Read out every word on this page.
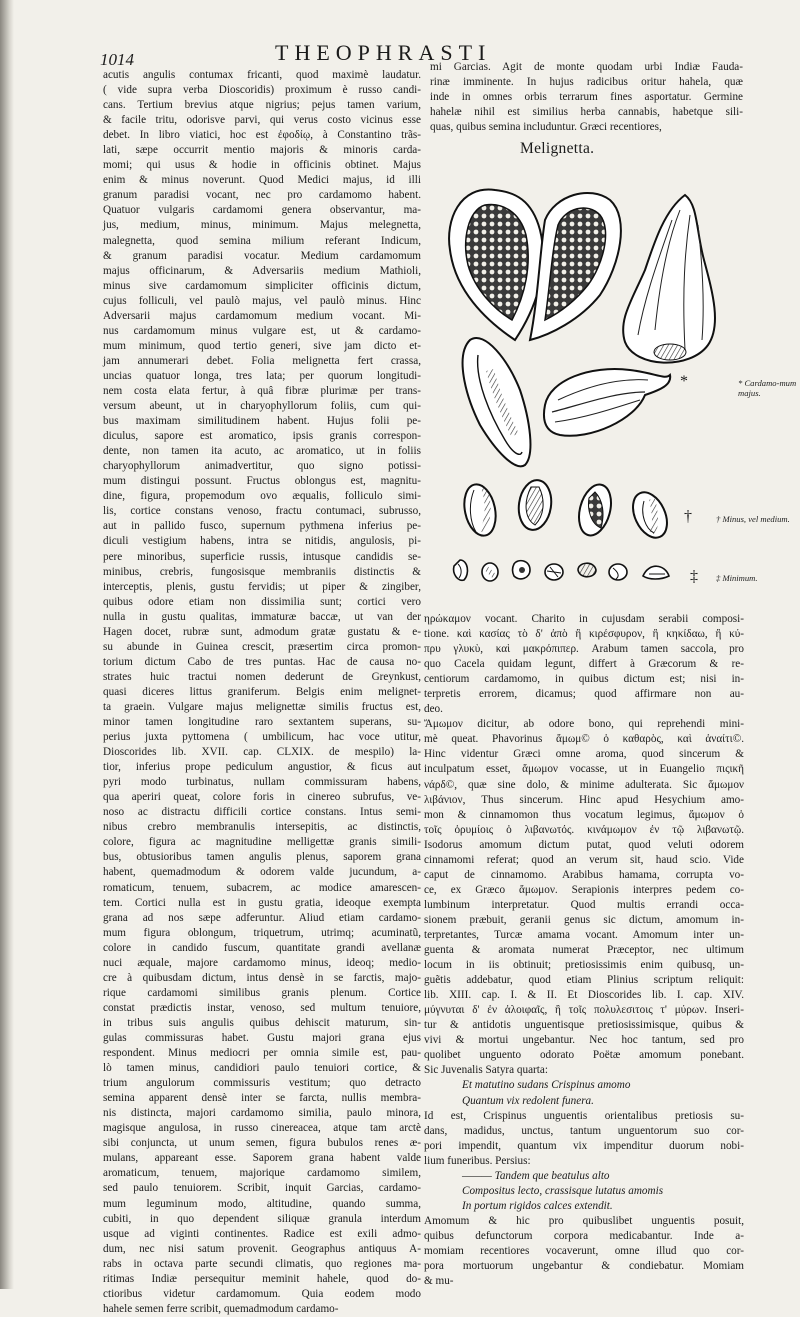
1014	THEOPHRASTI
acutis angulis contumax fricanti, quod maximè laudatur.
( vide supra verba Dioscoridis) proximum è russo candi-
cans. Tertium brevius atque nigrius; pejus tamen varium,
& facile tritu, odorisve parvi, qui verus costo vicinus esse
debet. In libro viatici, hoc est ἐφοδίῳ, à Constantino trãs-
lati, sæpe occurrit mentio majoris & minoris carda-
momi; qui usus & hodie in officinis obtinet. Majus
enim & minus noverunt. Quod Medici majus, id illi
granum paradisi vocant, nec pro cardamomo habent.
Quatuor vulgaris cardamomi genera observantur, ma-
jus, medium, minus, minimum. Majus melegnetta,
malegnetta, quod semina milium referant Indicum,
& granum paradisi vocatur. Medium cardamomum
majus officinarum, & Adversariis medium Mathioli,
minus sive cardamomum simpliciter officinis dictum,
cujus folliculi, vel paulò majus, vel paulò minus. Hinc
Adversarii majus cardamomum medium vocant. Mi-
nus cardamomum minus vulgare est, ut & cardamo-
mum minimum, quod tertio generi, sive jam dicto et-
jam annumerari debet. Folia melignetta fert crassa,
uncias quatuor longa, tres lata; per quorum longitudi-
nem costa elata fertur, à quâ fibræ plurimæ per trans-
versum abeunt, ut in charyophyllorum foliis, cum qui-
bus maximam similitudinem habent. Hujus folii pe-
diculus, sapore est aromatico, ipsis granis correspon-
dente, non tamen ita acuto, ac aromatico, ut in foliis
charyophyllorum animadvertitur, quo signo potissi-
mum distingui possunt. Fructus oblongus est, magnitu-
dine, figura, propemodum ovo æqualis, folliculo simi-
lis, cortice constans venoso, fractu contumaci, subrusso,
aut in pallido fusco, supernum pythmena inferius pe-
diculi vestigium habens, intra se nitidis, angulosis, pi-
pere minoribus, superficie russis, intusque candidis se-
minibus, crebris, fungosisque membraniis distinctis &
interceptis, plenis, gustu fervidis; ut piper & zingiber,
quibus odore etiam non dissimilia sunt; cortici vero
nulla in gustu qualitas, immaturæ baccæ, ut van der
Hagen docet, rubræ sunt, admodum gratæ gustatu & e-
su abunde in Guinea crescit, præsertim circa promon-
torium dictum Cabo de tres puntas. Hac de causa no-
strates huic tractui nomen dederunt de Greynkust,
quasi diceres littus graniferum. Belgis enim melignet-
ta graein. Vulgare majus melignettæ similis fructus est,
minor tamen longitudine raro sextantem superans, su-
perius juxta pyttomena ( umbilicum, hac voce utitur,
Dioscorides lib. XVII. cap. CLXIX. de mespilo) la-
tior, inferius prope pediculum angustior, & ficus aut
pyri modo turbinatus, nullam commissuram habens,
qua aperiri queat, colore foris in cinereo subrufus, ve-
noso ac distractu difficili cortice constans. Intus semi-
nibus crebro membranulis intersepitis, ac distinctis,
colore, figura ac magnitudine melligettæ granis simili-
bus, obtusioribus tamen angulis plenus, saporem grana
habent, quemadmodum & odorem valde jucundum, a-
romaticum, tenuem, subacrem, ac modice amarescen-
tem. Cortici nulla est in gustu gratia, ideoque exempta
grana ad nos sæpe adferuntur. Aliud etiam cardamo-
mum figura oblongum, triquetrum, utrimq; acuminatũ,
colore in candido fuscum, quantitate grandi avellanæ
nuci æquale, majore cardamomo minus, ideoq; medio-
cre à quibusdam dictum, intus densè in se farctis, majo-
rique cardamomi similibus granis plenum. Cortice
constat prædictis instar, venoso, sed multum tenuiore,
in tribus suis angulis quibus dehiscit maturum, sin-
gulas commissuras habet. Gustu majori grana ejus
respondent. Minus mediocri per omnia simile est, pau-
lò tamen minus, candidiori paulo tenuiori cortice, &
trium angulorum commissuris vestitum; quo detracto
semina apparent densè inter se farcta, nullis membra-
nis distincta, majori cardamomo similia, paulo minora,
magisque angulosa, in russo cinereacea, atque tam arctè
sibi conjuncta, ut unum semen, figura bubulos renes æ-
mulans, appareant esse. Saporem grana habent valde
aromaticum, tenuem, majorique cardamomo similem,
sed paulo tenuiorem. Scribit, inquit Garcias, cardamo-
mum leguminum modo, altitudine, quando summa,
cubiti, in quo dependent siliquæ granula interdum
usque ad viginti continentes. Radice est exili admo-
dum, nec nisi satum provenit. Geographus antiquus A-
rabs in octava parte secundi climatis, quo regiones ma-
ritimas Indiæ persequitur meminit hahele, quod do-
ctioribus videtur cardamomum. Quia eodem modo
hahele semen ferre scribit, quemadmodum cardamo-
mi Garcias. Agit de monte quodam urbi Indiæ Fauda-
rinæ imminente. In hujus radicibus oritur hahela, quæ
inde in omnes orbis terrarum fines asportatur. Germine
hahelæ nihil est similius herba cannabis, habetque sili-
quas, quibus semina includuntur. Græci recentiores,
Melignetta.
*
†
‡
* Cardamo-mum majus.
† Minus, vel medium.
‡ Minimum.
ηρώκαμον vocant. Charito in cujusdam serabii composi-
tione. καὶ κασίας τὸ δ' ἀπὸ ἢ κιρέσφυρον, ἢ κηκίδαω, ἢ κύ-
πρυ γλυκὺ, καὶ μακρόπιπερ. Arabum tamen saccola, pro
quo Cacela quidam legunt, differt à Græcorum & re-
centiorum cardamomo, in quibus dictum est; nisi in-
terpretis errorem, dicamus; quod affirmare non au-
deo.
Ἄμωμον dicitur, ab odore bono, qui reprehendi mini-
mè queat. Phavorinus ἄμωμ© ὁ καθαρὸς, καὶ ἀναίτι©.
Hinc videntur Græci omne aroma, quod sincerum &
inculpatum esset, ἄμωμον vocasse, ut in Euangelio πιςικῆ
νάρδ©, quæ sine dolo, & minime adulterata. Sic ἄμωμον
λιβάνιον, Thus sincerum. Hinc apud Hesychium amo-
mon & cinnamomon thus vocatum legimus, ἄμωμον ὁ
τοῖς ὀρυμίοις ὁ λιβανωτός. κινάμωμον ἐν τῷ λιβανωτῷ.
Isodorus amomum dictum putat, quod veluti odorem
cinnamomi referat; quod an verum sit, haud scio. Vide
caput de cinnamomo. Arabibus hamama, corrupta vo-
ce, ex Græco ἄμωμον. Serapionis interpres pedem co-
lumbinum interpretatur. Quod multis errandi occa-
sionem præbuit, geranii genus sic dictum, amomum in-
terpretantes, Turcæ amama vocant. Amomum inter un-
guenta & aromata numerat Præceptor, nec ultimum
locum in iis obtinuit; pretiosissimis enim quibusq, un-
guẽtis addebatur, quod etiam Plinius scriptum reliquit:
lib. XIII. cap. I. & II. Et Dioscorides lib. I. cap. XIV.
μύγνυται δ' ἐν ἀλοιφαῖς, ἢ τοῖς πολυλεσιτοις τ' μύρων. Inseri-
tur & antidotis unguentisque pretiosissimisque, quibus &
vivi & mortui ungebantur. Nec hoc tantum, sed pro
quolibet unguento odorato Poëtæ amomum ponebant.
Sic Juvenalis Satyra quarta:
Et matutino sudans Crispinus amomo
Quantum vix redolent funera.
Id est, Crispinus unguentis orientalibus pretiosis su-
dans, madidus, unctus, tantum unguentorum suo cor-
pori impendit, quantum vix impenditur duorum nobi-
lium funeribus. Persius:
——— Tandem que beatulus alto
Compositus lecto, crassisque lutatus amomis
In portum rigidos calces extendit.
Amomum & hic pro quibuslibet unguentis posuit,
quibus defunctorum corpora medicabantur. Inde a-
momiam recentiores vocaverunt, omne illud quo cor-
pora mortuorum ungebantur & condiebatur. Momiam
& mu-
